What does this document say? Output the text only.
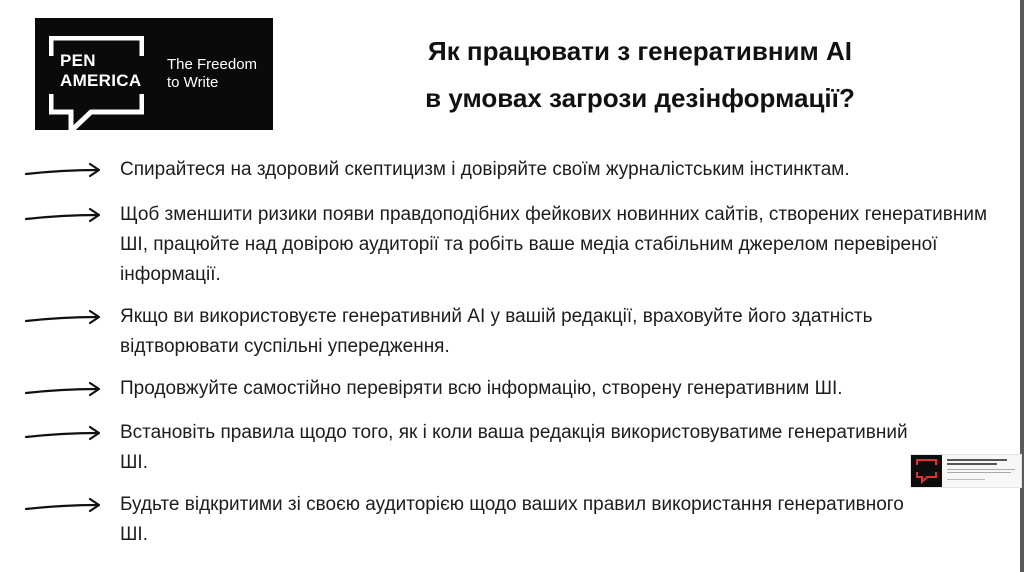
PEN
AMERICA
The Freedom
to Write
Як працювати з генеративним AI
в умовах загрози дезінформації?
Спирайтеся на здоровий скептицизм і довіряйте своїм журналістським інстинктам.
Щоб зменшити ризики появи правдоподібних фейкових новинних сайтів, створених генеративним ШІ, працюйте над довірою аудиторії та робіть ваше медіа стабільним джерелом перевіреної інформації.
Якщо ви використовуєте генеративний AI у вашій редакції, враховуйте його здатність відтворювати суспільні упередження.
Продовжуйте самостійно перевіряти всю інформацію, створену генеративним ШІ.
Встановіть правила щодо того, як і коли ваша редакція використовуватиме генеративний ШІ.
Будьте відкритими зі своєю аудиторією щодо ваших правил використання генеративного ШІ.
